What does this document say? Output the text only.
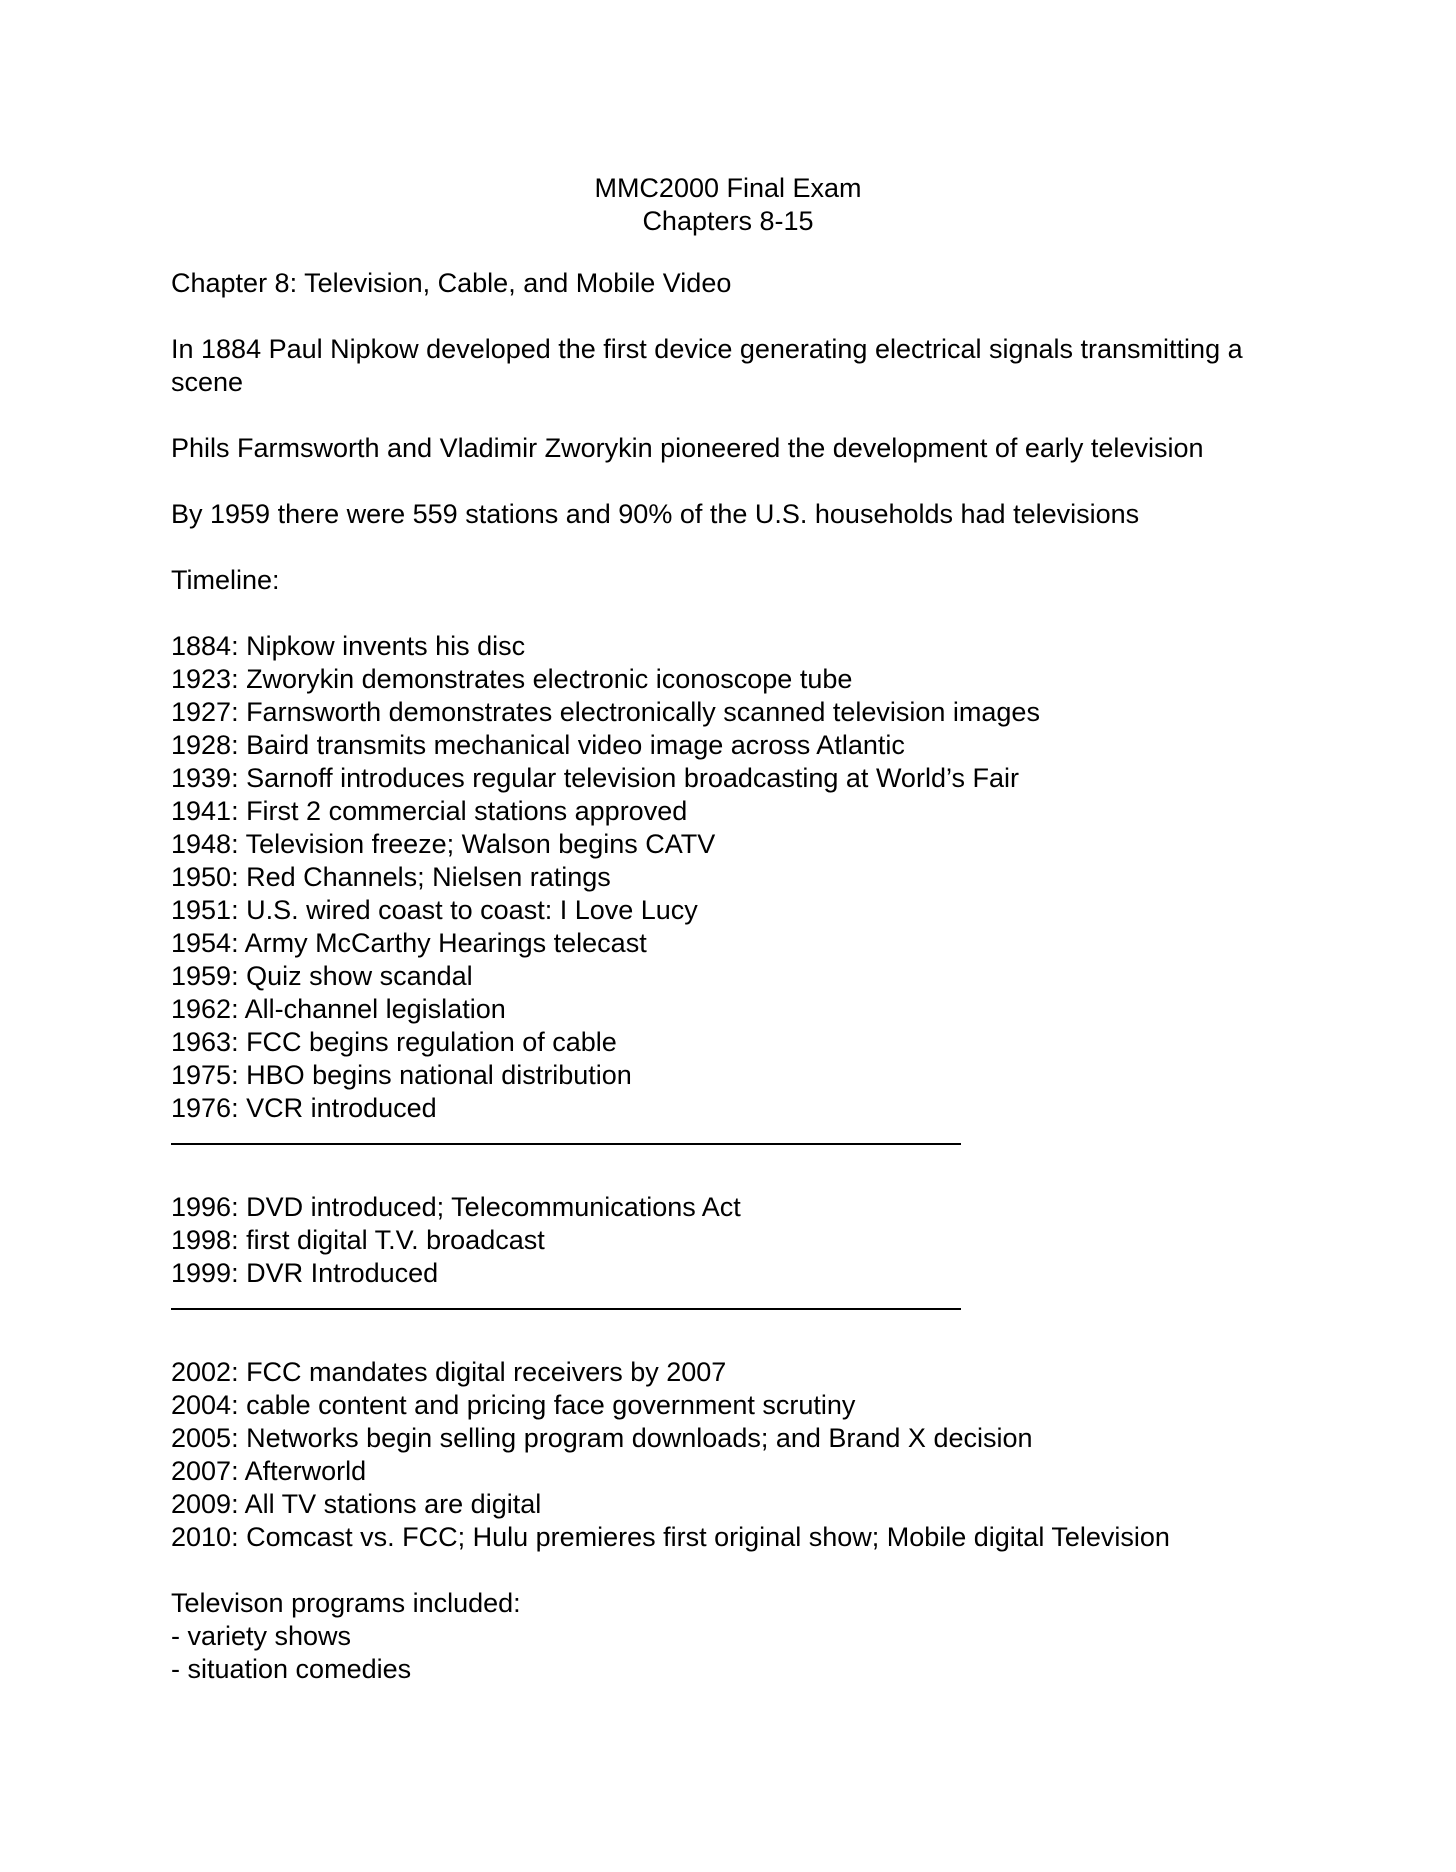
MMC2000 Final Exam
Chapters 8-15

Chapter 8: Television, Cable, and Mobile Video

In 1884 Paul Nipkow developed the first device generating electrical signals transmitting a scene

Phils Farmsworth and Vladimir Zworykin pioneered the development of early television

By 1959 there were 559 stations and 90% of the U.S. households had televisions

Timeline:

1884: Nipkow invents his disc
1923: Zworykin demonstrates electronic iconoscope tube
1927: Farnsworth demonstrates electronically scanned television images
1928: Baird transmits mechanical video image across Atlantic
1939: Sarnoff introduces regular television broadcasting at World’s Fair
1941: First 2 commercial stations approved
1948: Television freeze; Walson begins CATV
1950: Red Channels; Nielsen ratings
1951: U.S. wired coast to coast: I Love Lucy
1954: Army McCarthy Hearings telecast
1959: Quiz show scandal
1962: All-channel legislation
1963: FCC begins regulation of cable
1975: HBO begins national distribution
1976: VCR introduced
1996: DVD introduced; Telecommunications Act
1998: first digital T.V. broadcast
1999: DVR Introduced
2002: FCC mandates digital receivers by 2007
2004: cable content and pricing face government scrutiny
2005: Networks begin selling program downloads; and Brand X decision
2007: Afterworld
2009: All TV stations are digital
2010: Comcast vs. FCC; Hulu premieres first original show; Mobile digital Television
Televison programs included:
- variety shows
- situation comedies
